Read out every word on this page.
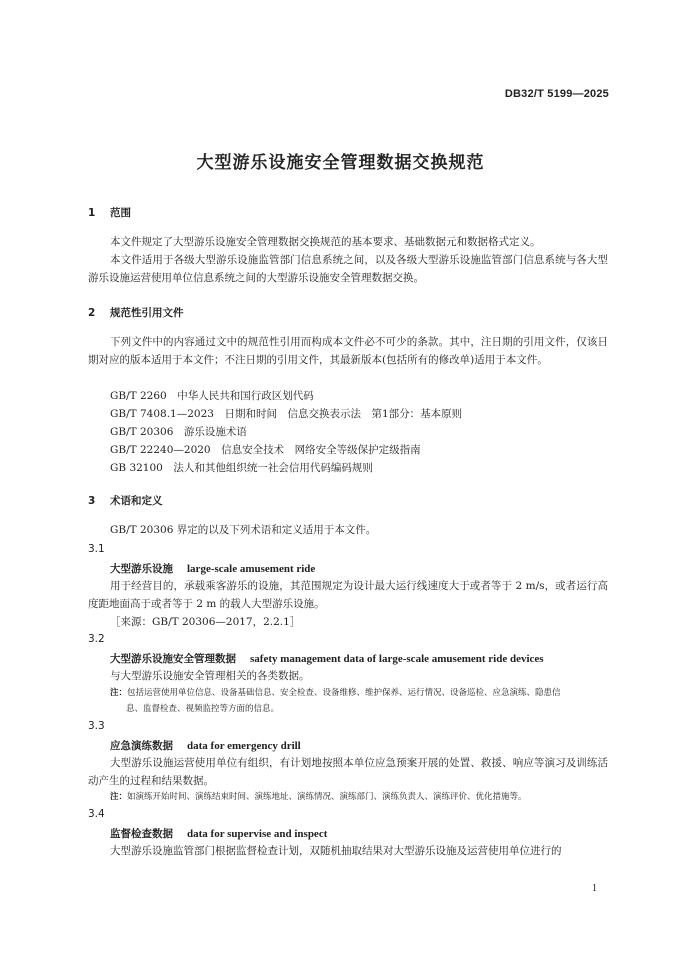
DB32/T 5199—2025
大型游乐设施安全管理数据交换规范
1 范围
本文件规定了大型游乐设施安全管理数据交换规范的基本要求、基础数据元和数据格式定义。
本文件适用于各级大型游乐设施监管部门信息系统之间，以及各级大型游乐设施监管部门信息系统与各大型游乐设施运营使用单位信息系统之间的大型游乐设施安全管理数据交换。
2 规范性引用文件
下列文件中的内容通过文中的规范性引用而构成本文件必不可少的条款。其中，注日期的引用文件，仅该日期对应的版本适用于本文件；不注日期的引用文件，其最新版本(包括所有的修改单)适用于本文件。
GB/T 2260　中华人民共和国行政区划代码
GB/T 7408.1—2023　日期和时间　信息交换表示法　第1部分：基本原则
GB/T 20306　游乐设施术语
GB/T 22240—2020　信息安全技术　网络安全等级保护定级指南
GB 32100　法人和其他组织统一社会信用代码编码规则
3 术语和定义
GB/T 20306 界定的以及下列术语和定义适用于本文件。
3.1
大型游乐设施 large-scale amusement ride
用于经营目的，承载乘客游乐的设施，其范围规定为设计最大运行线速度大于或者等于 2 m/s，或者运行高度距地面高于或者等于 2 m 的载人大型游乐设施。
［来源：GB/T 20306—2017，2.2.1］
3.2
大型游乐设施安全管理数据 safety management data of large-scale amusement ride devices
与大型游乐设施安全管理相关的各类数据。
注：包括运营使用单位信息、设备基础信息、安全检查、设备维修、维护保养、运行情况、设备巡检、应急演练、隐患信
息、监督检查、视频监控等方面的信息。
3.3
应急演练数据 data for emergency drill
大型游乐设施运营使用单位有组织，有计划地按照本单位应急预案开展的处置、救援、响应等演习及训练活动产生的过程和结果数据。
注：如演练开始时间、演练结束时间、演练地址、演练情况、演练部门、演练负责人、演练评价、优化措施等。
3.4
监督检查数据 data for supervise and inspect
大型游乐设施监管部门根据监督检查计划，双随机抽取结果对大型游乐设施及运营使用单位进行的
1
